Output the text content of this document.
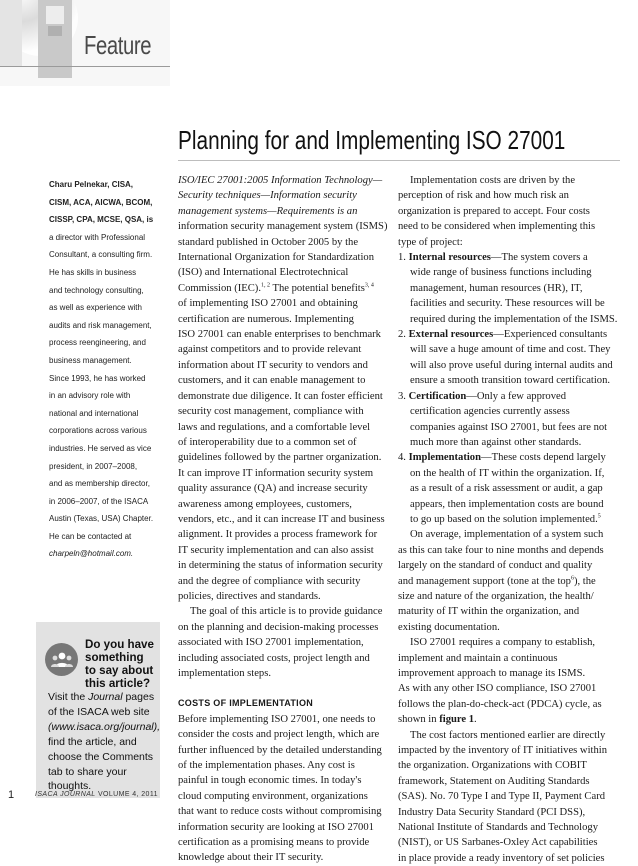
Feature
Planning for and Implementing ISO 27001
Charu Pelnekar, CISA,
CISM, ACA, AICWA, BCOM,
CISSP, CPA, MCSE, QSA, is
a director with Professional
Consultant, a consulting firm.
He has skills in business
and technology consulting,
as well as experience with
audits and risk management,
process reengineering, and
business management.
Since 1993, he has worked
in an advisory role with
national and international
corporations across various
industries. He served as vice
president, in 2007–2008,
and as membership director,
in 2006–2007, of the ISACA
Austin (Texas, USA) Chapter.
He can be contacted at
charpeln@hotmail.com.
ISO/IEC 27001:2005 Information Technology—
Security techniques—Information security
management systems—Requirements is an
information security management system (ISMS)
standard published in October 2005 by the
International Organization for Standardization
(ISO) and International Electrotechnical
Commission (IEC).$^{1, 2}$ The potential benefits$^{3, 4}$
of implementing ISO 27001 and obtaining
certification are numerous. Implementing
ISO 27001 can enable enterprises to benchmark
against competitors and to provide relevant
information about IT security to vendors and
customers, and it can enable management to
demonstrate due diligence. It can foster efficient
security cost management, compliance with
laws and regulations, and a comfortable level
of interoperability due to a common set of
guidelines followed by the partner organization.
It can improve IT information security system
quality assurance (QA) and increase security
awareness among employees, customers,
vendors, etc., and it can increase IT and business
alignment. It provides a process framework for
IT security implementation and can also assist
in determining the status of information security
and the degree of compliance with security
policies, directives and standards.
The goal of this article is to provide guidance
on the planning and decision-making processes
associated with ISO 27001 implementation,
including associated costs, project length and
implementation steps.
COSTS OF IMPLEMENTATION
Before implementing ISO 27001, one needs to
consider the costs and project length, which are
further influenced by the detailed understanding
of the implementation phases. Any cost is
painful in tough economic times. In today's
cloud computing environment, organizations
that want to reduce costs without compromising
information security are looking at ISO 27001
certification as a promising means to provide
knowledge about their IT security.
Implementation costs are driven by the
perception of risk and how much risk an
organization is prepared to accept. Four costs
need to be considered when implementing this
type of project:
1. Internal resources—The system covers a
wide range of business functions including
management, human resources (HR), IT,
facilities and security. These resources will be
required during the implementation of the ISMS.
2. External resources—Experienced consultants
will save a huge amount of time and cost. They
will also prove useful during internal audits and
ensure a smooth transition toward certification.
3. Certification—Only a few approved
certification agencies currently assess
companies against ISO 27001, but fees are not
much more than against other standards.
4. Implementation—These costs depend largely
on the health of IT within the organization. If,
as a result of a risk assessment or audit, a gap
appears, then implementation costs are bound
to go up based on the solution implemented.$^5$
On average, implementation of a system such
as this can take four to nine months and depends
largely on the standard of conduct and quality
and management support (tone at the top$^6$), the
size and nature of the organization, the health/
maturity of IT within the organization, and
existing documentation.
ISO 27001 requires a company to establish,
implement and maintain a continuous
improvement approach to manage its ISMS.
As with any other ISO compliance, ISO 27001
follows the plan-do-check-act (PDCA) cycle, as
shown in figure 1.
The cost factors mentioned earlier are directly
impacted by the inventory of IT initiatives within
the organization. Organizations with COBIT
framework, Statement on Auditing Standards
(SAS). No. 70 Type I and Type II, Payment Card
Industry Data Security Standard (PCI DSS),
National Institute of Standards and Technology
(NIST), or US Sarbanes-Oxley Act capabilities
in place provide a ready inventory of set policies
Do you have
something
to say about
this article?
Visit the Journal pages
of the ISACA web site
(www.isaca.org/journal),
find the article, and
choose the Comments
tab to share your
thoughts.
1	ISACA JOURNAL VOLUME 4, 2011
